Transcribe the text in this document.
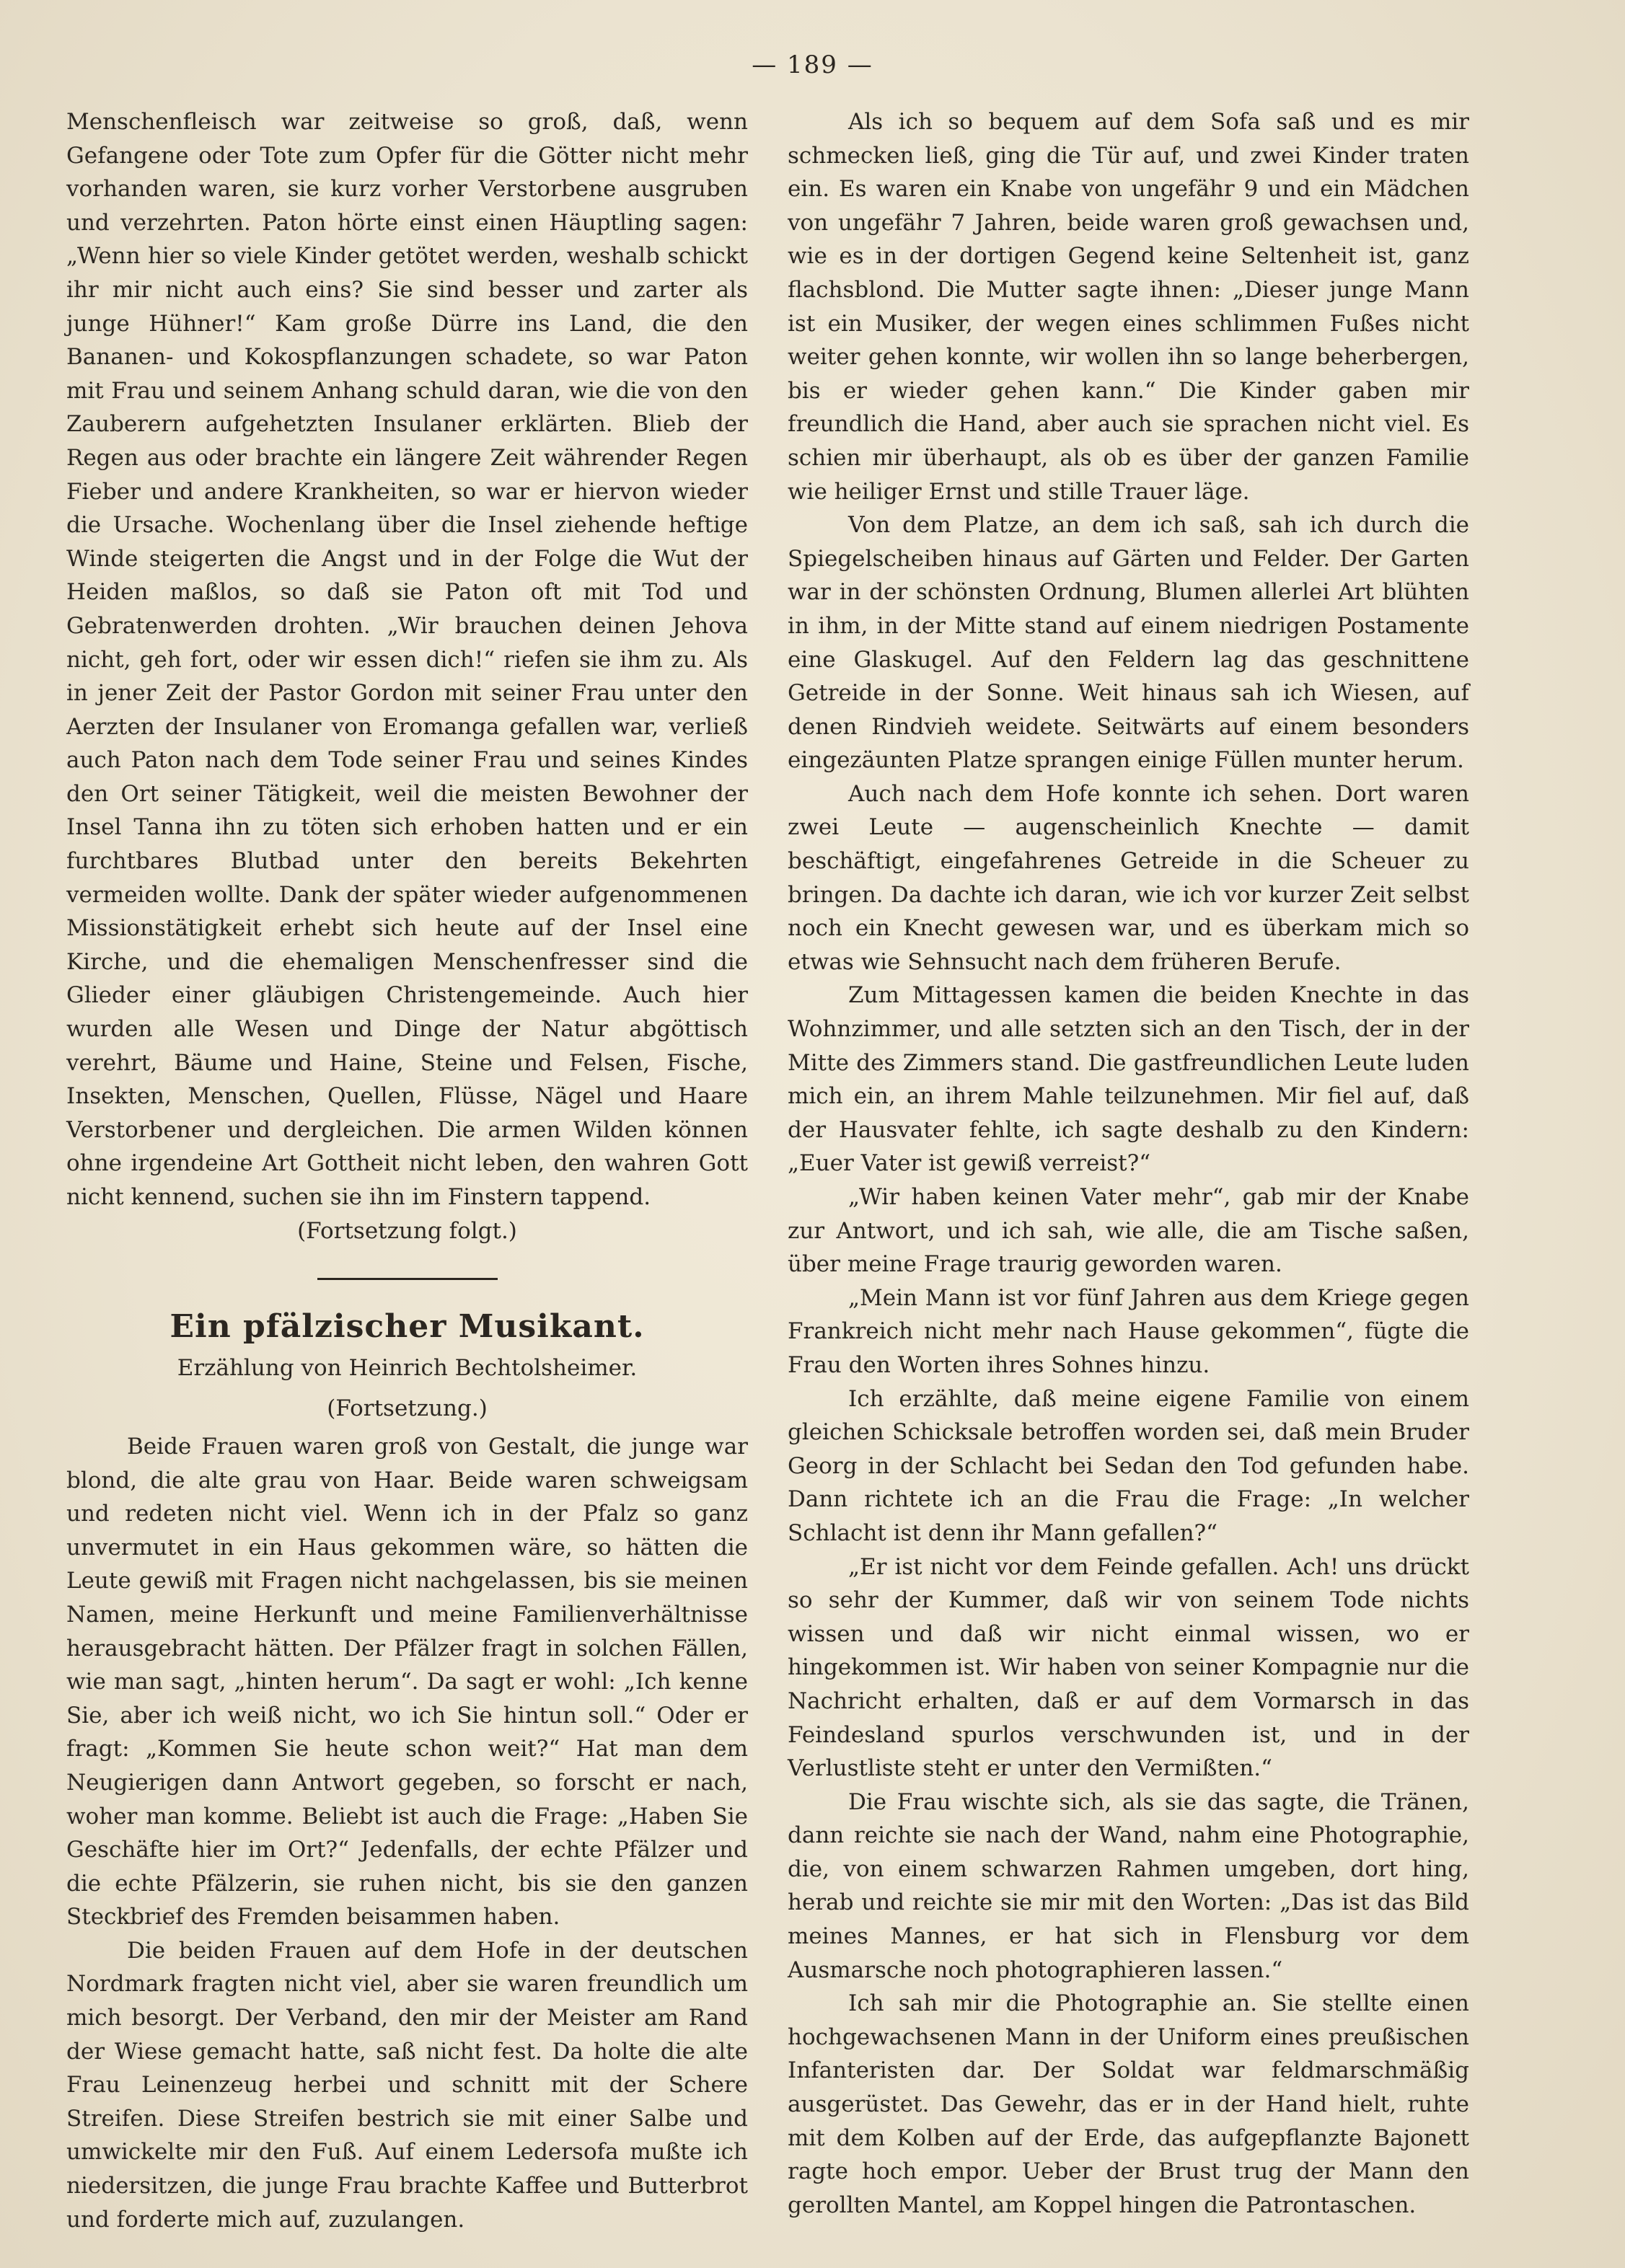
— 189 —

Menschenfleisch war zeitweise so groß, daß, wenn Gefangene oder Tote zum Opfer für die Götter nicht mehr vorhanden waren, sie kurz vorher Verstorbene ausgruben und verzehrten. Paton hörte einst einen Häuptling sagen: „Wenn hier so viele Kinder getötet werden, weshalb schickt ihr mir nicht auch eins? Sie sind besser und zarter als junge Hühner!“ Kam große Dürre ins Land, die den Bananen- und Kokospflanzungen schadete, so war Paton mit Frau und seinem Anhang schuld daran, wie die von den Zauberern aufgehetzten Insulaner erklärten. Blieb der Regen aus oder brachte ein längere Zeit währender Regen Fieber und andere Krankheiten, so war er hiervon wieder die Ursache. Wochenlang über die Insel ziehende heftige Winde steigerten die Angst und in der Folge die Wut der Heiden maßlos, so daß sie Paton oft mit Tod und Gebratenwerden drohten. „Wir brauchen deinen Jehova nicht, geh fort, oder wir essen dich!“ riefen sie ihm zu. Als in jener Zeit der Pastor Gordon mit seiner Frau unter den Aerzten der Insulaner von Eromanga gefallen war, verließ auch Paton nach dem Tode seiner Frau und seines Kindes den Ort seiner Tätigkeit, weil die meisten Bewohner der Insel Tanna ihn zu töten sich erhoben hatten und er ein furchtbares Blutbad unter den bereits Bekehrten vermeiden wollte. Dank der später wieder aufgenommenen Missionstätigkeit erhebt sich heute auf der Insel eine Kirche, und die ehemaligen Menschenfresser sind die Glieder einer gläubigen Christengemeinde. Auch hier wurden alle Wesen und Dinge der Natur abgöttisch verehrt, Bäume und Haine, Steine und Felsen, Fische, Insekten, Menschen, Quellen, Flüsse, Nägel und Haare Verstorbener und dergleichen. Die armen Wilden können ohne irgendeine Art Gottheit nicht leben, den wahren Gott nicht kennend, suchen sie ihn im Finstern tappend.

(Fortsetzung folgt.)

Ein pfälzischer Musikant.
Erzählung von Heinrich Bechtolsheimer.
(Fortsetzung.)

Beide Frauen waren groß von Gestalt, die junge war blond, die alte grau von Haar. Beide waren schweigsam und redeten nicht viel. Wenn ich in der Pfalz so ganz unvermutet in ein Haus gekommen wäre, so hätten die Leute gewiß mit Fragen nicht nachgelassen, bis sie meinen Namen, meine Herkunft und meine Familienverhältnisse herausgebracht hätten. Der Pfälzer fragt in solchen Fällen, wie man sagt, „hinten herum“. Da sagt er wohl: „Ich kenne Sie, aber ich weiß nicht, wo ich Sie hintun soll.“ Oder er fragt: „Kommen Sie heute schon weit?“ Hat man dem Neugierigen dann Antwort gegeben, so forscht er nach, woher man komme. Beliebt ist auch die Frage: „Haben Sie Geschäfte hier im Ort?“ Jedenfalls, der echte Pfälzer und die echte Pfälzerin, sie ruhen nicht, bis sie den ganzen Steckbrief des Fremden beisammen haben.

Die beiden Frauen auf dem Hofe in der deutschen Nordmark fragten nicht viel, aber sie waren freundlich um mich besorgt. Der Verband, den mir der Meister am Rand der Wiese gemacht hatte, saß nicht fest. Da holte die alte Frau Leinenzeug herbei und schnitt mit der Schere Streifen. Diese Streifen bestrich sie mit einer Salbe und umwickelte mir den Fuß. Auf einem Ledersofa mußte ich niedersitzen, die junge Frau brachte Kaffee und Butterbrot und forderte mich auf, zuzulangen.

Als ich so bequem auf dem Sofa saß und es mir schmecken ließ, ging die Tür auf, und zwei Kinder traten ein. Es waren ein Knabe von ungefähr 9 und ein Mädchen von ungefähr 7 Jahren, beide waren groß gewachsen und, wie es in der dortigen Gegend keine Seltenheit ist, ganz flachsblond. Die Mutter sagte ihnen: „Dieser junge Mann ist ein Musiker, der wegen eines schlimmen Fußes nicht weiter gehen konnte, wir wollen ihn so lange beherbergen, bis er wieder gehen kann.“ Die Kinder gaben mir freundlich die Hand, aber auch sie sprachen nicht viel. Es schien mir überhaupt, als ob es über der ganzen Familie wie heiliger Ernst und stille Trauer läge.

Von dem Platze, an dem ich saß, sah ich durch die Spiegelscheiben hinaus auf Gärten und Felder. Der Garten war in der schönsten Ordnung, Blumen allerlei Art blühten in ihm, in der Mitte stand auf einem niedrigen Postamente eine Glaskugel. Auf den Feldern lag das geschnittene Getreide in der Sonne. Weit hinaus sah ich Wiesen, auf denen Rindvieh weidete. Seitwärts auf einem besonders eingezäunten Platze sprangen einige Füllen munter herum.

Auch nach dem Hofe konnte ich sehen. Dort waren zwei Leute — augenscheinlich Knechte — damit beschäftigt, eingefahrenes Getreide in die Scheuer zu bringen. Da dachte ich daran, wie ich vor kurzer Zeit selbst noch ein Knecht gewesen war, und es überkam mich so etwas wie Sehnsucht nach dem früheren Berufe.

Zum Mittagessen kamen die beiden Knechte in das Wohnzimmer, und alle setzten sich an den Tisch, der in der Mitte des Zimmers stand. Die gastfreundlichen Leute luden mich ein, an ihrem Mahle teilzunehmen. Mir fiel auf, daß der Hausvater fehlte, ich sagte deshalb zu den Kindern: „Euer Vater ist gewiß verreist?“

„Wir haben keinen Vater mehr“, gab mir der Knabe zur Antwort, und ich sah, wie alle, die am Tische saßen, über meine Frage traurig geworden waren.

„Mein Mann ist vor fünf Jahren aus dem Kriege gegen Frankreich nicht mehr nach Hause gekommen“, fügte die Frau den Worten ihres Sohnes hinzu.

Ich erzählte, daß meine eigene Familie von einem gleichen Schicksale betroffen worden sei, daß mein Bruder Georg in der Schlacht bei Sedan den Tod gefunden habe. Dann richtete ich an die Frau die Frage: „In welcher Schlacht ist denn ihr Mann gefallen?“

„Er ist nicht vor dem Feinde gefallen. Ach! uns drückt so sehr der Kummer, daß wir von seinem Tode nichts wissen und daß wir nicht einmal wissen, wo er hingekommen ist. Wir haben von seiner Kompagnie nur die Nachricht erhalten, daß er auf dem Vormarsch in das Feindesland spurlos verschwunden ist, und in der Verlustliste steht er unter den Vermißten.“

Die Frau wischte sich, als sie das sagte, die Tränen, dann reichte sie nach der Wand, nahm eine Photographie, die, von einem schwarzen Rahmen umgeben, dort hing, herab und reichte sie mir mit den Worten: „Das ist das Bild meines Mannes, er hat sich in Flensburg vor dem Ausmarsche noch photographieren lassen.“

Ich sah mir die Photographie an. Sie stellte einen hochgewachsenen Mann in der Uniform eines preußischen Infanteristen dar. Der Soldat war feldmarschmäßig ausgerüstet. Das Gewehr, das er in der Hand hielt, ruhte mit dem Kolben auf der Erde, das aufgepflanzte Bajonett ragte hoch empor. Ueber der Brust trug der Mann den gerollten Mantel, am Koppel hingen die Patrontaschen.
